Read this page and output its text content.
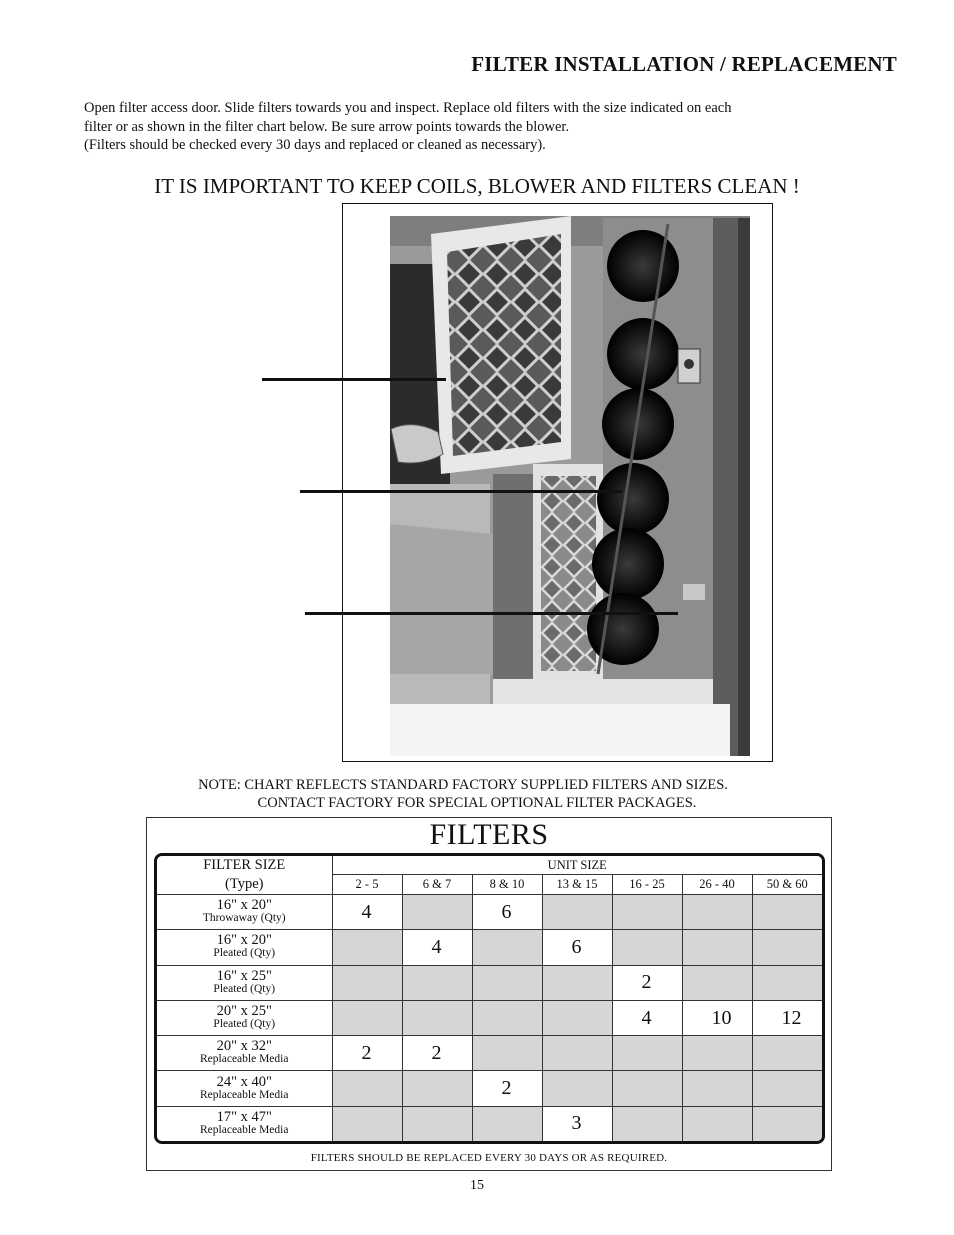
FILTER INSTALLATION / REPLACEMENT

Open filter access door. Slide filters towards you and inspect. Replace old filters with the size indicated on each

filter or as shown in the filter chart below. Be sure arrow points towards the blower.

(Filters should be checked every 30 days and replaced or cleaned as necessary).

IT IS IMPORTANT TO KEEP COILS, BLOWER AND FILTERS CLEAN !

NOTE: CHART REFLECTS STANDARD FACTORY SUPPLIED FILTERS AND SIZES.

CONTACT FACTORY FOR SPECIAL OPTIONAL FILTER PACKAGES.

FILTERS
FILTER SIZE
(Type)	UNIT SIZE						
	2 - 5	6 & 7	8 & 10	13 & 15	16 - 25	26 - 40	50 & 60

16" x 20"
Throwaway (Qty)	4		6				

16" x 20"
Pleated (Qty)		4		6			

16" x 25"
Pleated (Qty)					2		

20" x 25"
Pleated (Qty)					4	10	12

20" x 32"
Replaceable Media	2	2					

24" x 40"
Replaceable Media			2				

17" x 47"
Replaceable Media				3			
FILTERS SHOULD BE REPLACED EVERY 30 DAYS OR AS REQUIRED.
15
